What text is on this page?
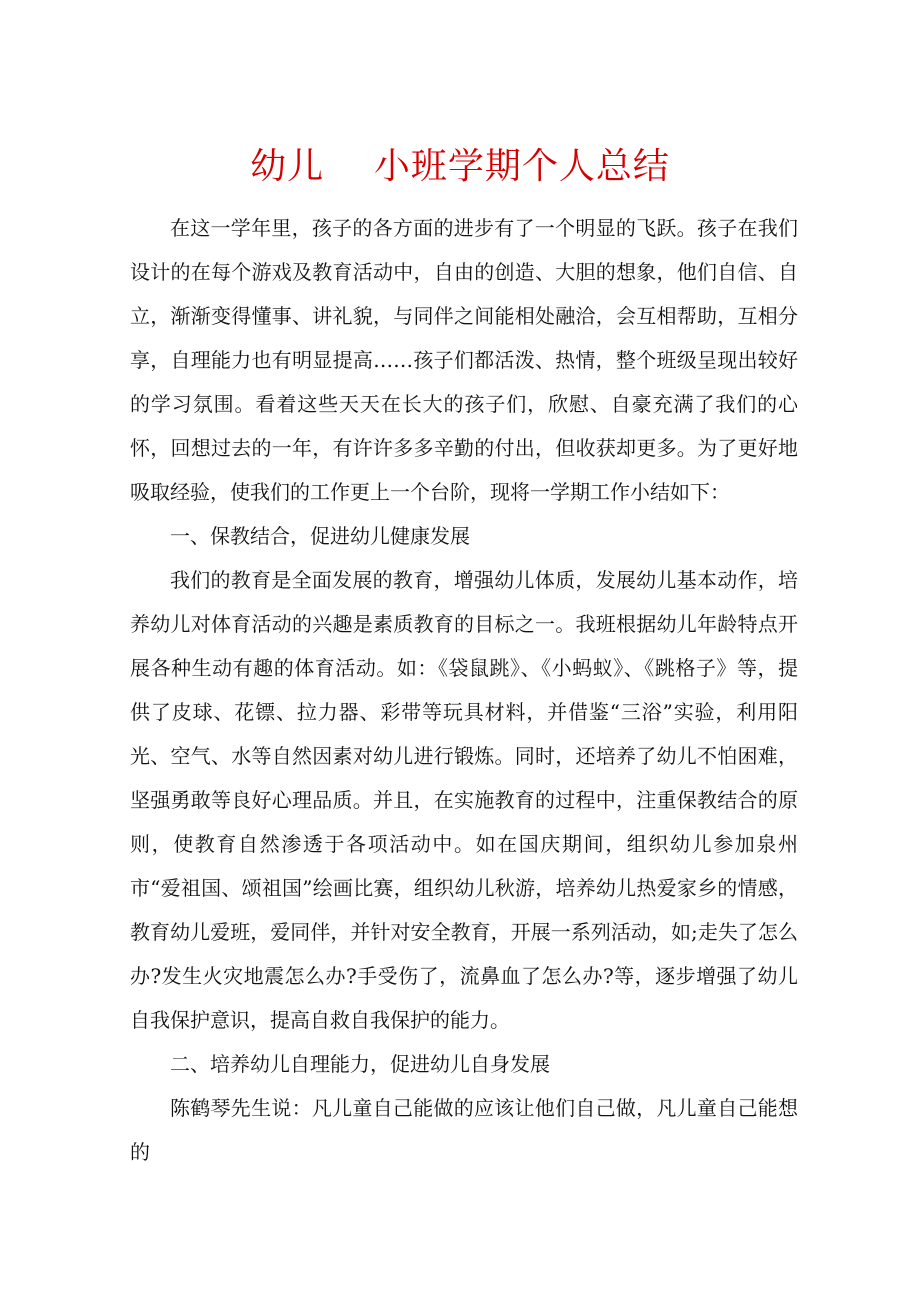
幼儿    小班学期个人总结

在这一学年里，孩子的各方面的进步有了一个明显的飞跃。孩子在我们设计的在每个游戏及教育活动中，自由的创造、大胆的想象，他们自信、自立，渐渐变得懂事、讲礼貌，与同伴之间能相处融洽，会互相帮助，互相分享，自理能力也有明显提高……孩子们都活泼、热情，整个班级呈现出较好的学习氛围。看着这些天天在长大的孩子们，欣慰、自豪充满了我们的心怀，回想过去的一年，有许许多多辛勤的付出，但收获却更多。为了更好地吸取经验，使我们的工作更上一个台阶，现将一学期工作小结如下：

一、保教结合，促进幼儿健康发展

我们的教育是全面发展的教育，增强幼儿体质，发展幼儿基本动作，培养幼儿对体育活动的兴趣是素质教育的目标之一。我班根据幼儿年龄特点开展各种生动有趣的体育活动。如：《袋鼠跳》、《小蚂蚁》、《跳格子》等，提供了皮球、花镖、拉力器、彩带等玩具材料，并借鉴“三浴”实验，利用阳光、空气、水等自然因素对幼儿进行锻炼。同时，还培养了幼儿不怕困难，坚强勇敢等良好心理品质。并且，在实施教育的过程中，注重保教结合的原则，使教育自然渗透于各项活动中。如在国庆期间，组织幼儿参加泉州市“爱祖国、颂祖国”绘画比赛，组织幼儿秋游，培养幼儿热爱家乡的情感，教育幼儿爱班，爱同伴，并针对安全教育，开展一系列活动，如;走失了怎么办?发生火灾地震怎么办?手受伤了，流鼻血了怎么办?等，逐步增强了幼儿自我保护意识，提高自救自我保护的能力。

二、培养幼儿自理能力，促进幼儿自身发展

陈鹤琴先生说：凡儿童自己能做的应该让他们自己做，凡儿童自己能想的
